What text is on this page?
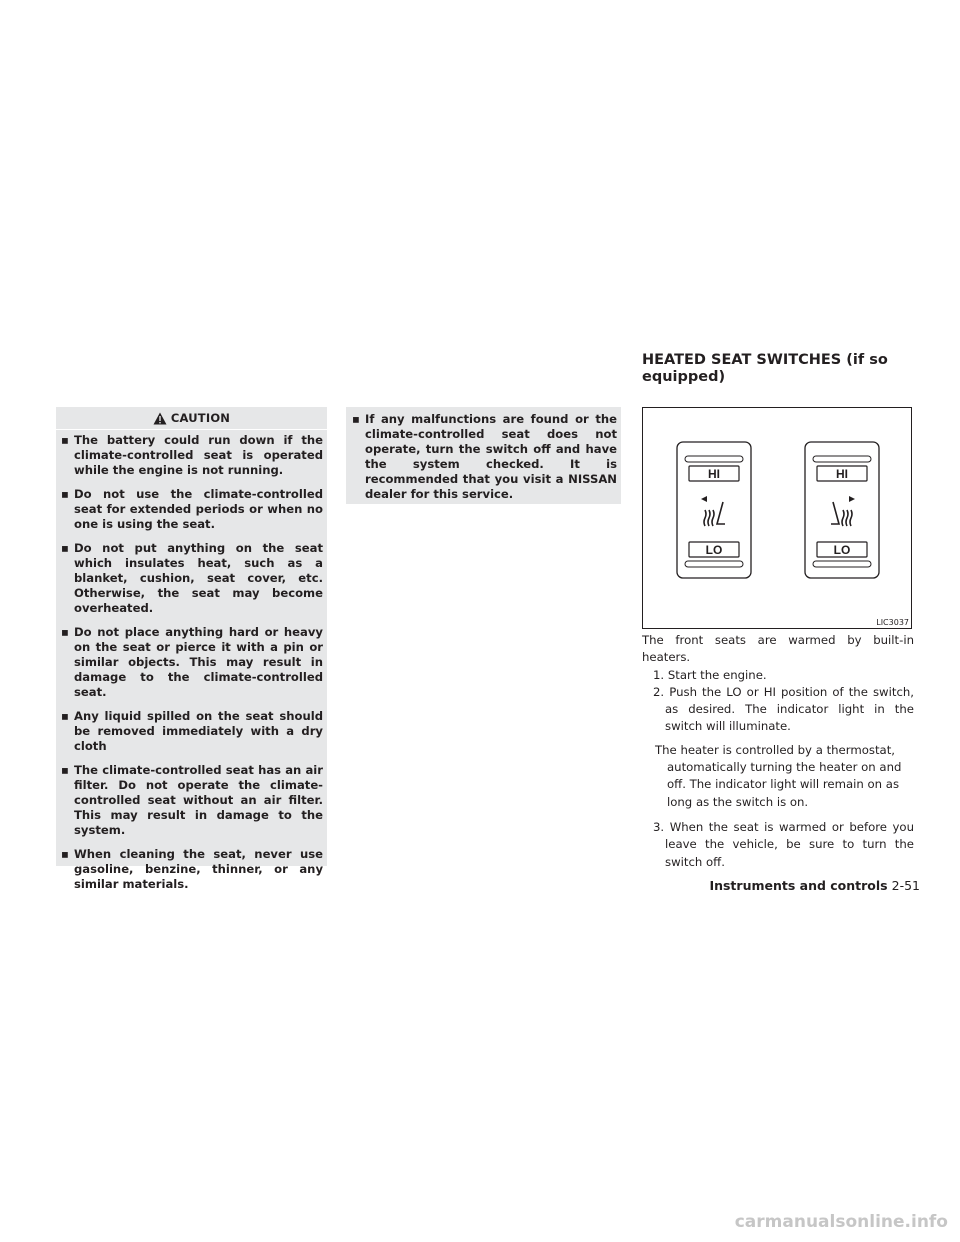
CAUTION
▪ The battery could run down if the climate-controlled seat is operated while the engine is not running.
▪ Do not use the climate-controlled seat for extended periods or when no one is using the seat.
▪ Do not put anything on the seat which insulates heat, such as a blanket, cushion, seat cover, etc. Otherwise, the seat may become overheated.
▪ Do not place anything hard or heavy on the seat or pierce it with a pin or similar objects. This may result in damage to the climate-controlled seat.
▪ Any liquid spilled on the seat should be removed immediately with a dry cloth
▪ The climate-controlled seat has an air filter. Do not operate the climate-controlled seat without an air filter. This may result in damage to the system.
▪ When cleaning the seat, never use gasoline, benzine, thinner, or any similar materials.
▪ If any malfunctions are found or the climate-controlled seat does not operate, turn the switch off and have the system checked. It is recommended that you visit a NISSAN dealer for this service.
HEATED SEAT SWITCHES (if so equipped)
HI
LO
HI
LO
LIC3037

The front seats are warmed by built-in heaters.

1. Start the engine.

2. Push the LO or HI position of the switch, as desired. The indicator light in the switch will illuminate.

The heater is controlled by a thermostat, automatically turning the heater on and off. The indicator light will remain on as long as the switch is on.

3. When the seat is warmed or before you leave the vehicle, be sure to turn the switch off.

Instruments and controls 2-51
carmanualsonline.info
